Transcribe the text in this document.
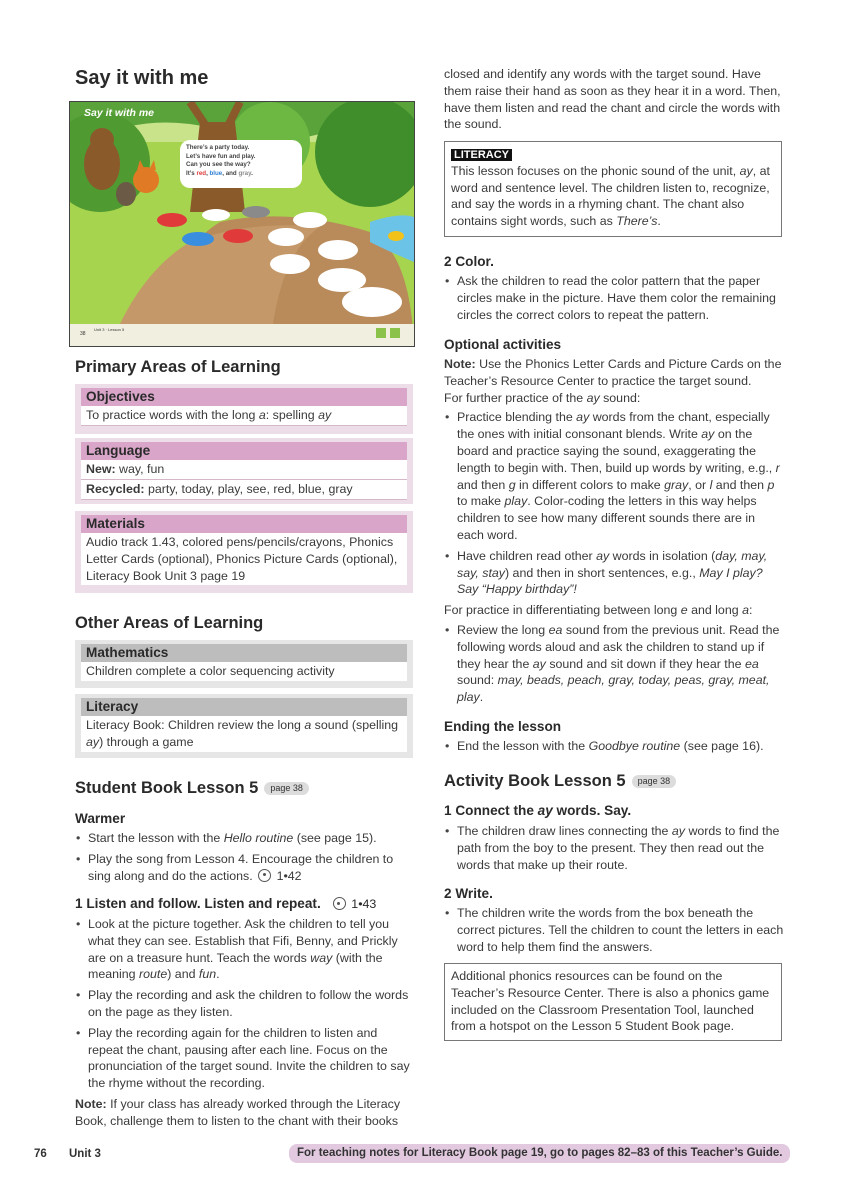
Say it with me
Say it with me
There’s a party today.
Let’s have fun and play.
Can you see the way?
It’s red, blue, and gray.
38
Unit 3 · Lesson 5
Primary Areas of Learning
Objectives
To practice words with the long a: spelling ay
Language
New: way, fun
Recycled: party, today, play, see, red, blue, gray
Materials
Audio track 1.43, colored pens/pencils/crayons, Phonics Letter Cards (optional), Phonics Picture Cards (optional), Literacy Book Unit 3 page 19
Other Areas of Learning
Mathematics
Children complete a color sequencing activity
Literacy
Literacy Book: Children review the long a sound (spelling ay) through a game
Student Book Lesson 5 page 38
Warmer
• Start the lesson with the Hello routine (see page 15).
• Play the song from Lesson 4. Encourage the children to sing along and do the actions. 1•42
1 Listen and follow. Listen and repeat. 1•43
• Look at the picture together. Ask the children to tell you what they can see. Establish that Fifi, Benny, and Prickly are on a treasure hunt. Teach the words way (with the meaning route) and fun.
• Play the recording and ask the children to follow the words on the page as they listen.
• Play the recording again for the children to listen and repeat the chant, pausing after each line. Focus on the pronunciation of the target sound. Invite the children to say the rhyme without the recording.
Note: If your class has already worked through the Literacy Book, challenge them to listen to the chant with their books
closed and identify any words with the target sound. Have them raise their hand as soon as they hear it in a word. Then, have them listen and read the chant and circle the words with the sound.
LITERACY
This lesson focuses on the phonic sound of the unit, ay, at word and sentence level. The children listen to, recognize, and say the words in a rhyming chant. The chant also contains sight words, such as There’s.
2 Color.
• Ask the children to read the color pattern that the paper circles make in the picture. Have them color the remaining circles the correct colors to repeat the pattern.
Optional activities
Note: Use the Phonics Letter Cards and Picture Cards on the Teacher’s Resource Center to practice the target sound.
For further practice of the ay sound:
• Practice blending the ay words from the chant, especially the ones with initial consonant blends. Write ay on the board and practice saying the sound, exaggerating the length to begin with. Then, build up words by writing, e.g., r and then g in different colors to make gray, or l and then p to make play. Color-coding the letters in this way helps children to see how many different sounds there are in each word.
• Have children read other ay words in isolation (day, may, say, stay) and then in short sentences, e.g., May I play? Say “Happy birthday”!
For practice in differentiating between long e and long a:
• Review the long ea sound from the previous unit. Read the following words aloud and ask the children to stand up if they hear the ay sound and sit down if they hear the ea sound: may, beads, peach, gray, today, peas, gray, meat, play.
Ending the lesson
• End the lesson with the Goodbye routine (see page 16).
Activity Book Lesson 5 page 38
1 Connect the ay words. Say.
• The children draw lines connecting the ay words to find the path from the boy to the present. They then read out the words that make up their route.
2 Write.
• The children write the words from the box beneath the correct pictures. Tell the children to count the letters in each word to help them find the answers.
Additional phonics resources can be found on the Teacher’s Resource Center. There is also a phonics game included on the Classroom Presentation Tool, launched from a hotspot on the Lesson 5 Student Book page.
76 Unit 3	For teaching notes for Literacy Book page 19, go to pages 82–83 of this Teacher’s Guide.
